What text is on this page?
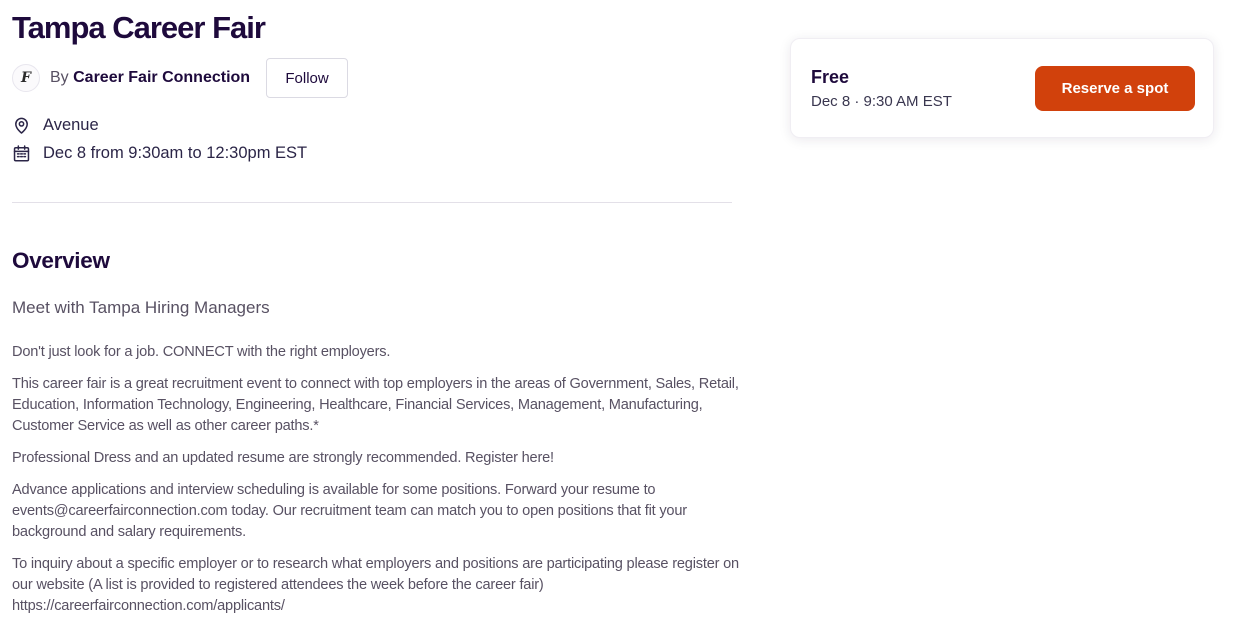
Tampa Career Fair
F By Career Fair Connection	Follow
Avenue
Dec 8 from 9:30am to 12:30pm EST
Overview
Meet with Tampa Hiring Managers

Don't just look for a job. CONNECT with the right employers.

This career fair is a great recruitment event to connect with top employers in the areas of Government, Sales, Retail, Education, Information Technology, Engineering, Healthcare, Financial Services, Management, Manufacturing, Customer Service as well as other career paths.*

Professional Dress and an updated resume are strongly recommended. Register here!

Advance applications and interview scheduling is available for some positions. Forward your resume to events@careerfairconnection.com today. Our recruitment team can match you to open positions that fit your background and salary requirements.

To inquiry about a specific employer or to research what employers and positions are participating please register on our website (A list is provided to registered attendees the week before the career fair) https://careerfairconnection.com/applicants/

Free
Dec 8 · 9:30 AM EST
Reserve a spot
